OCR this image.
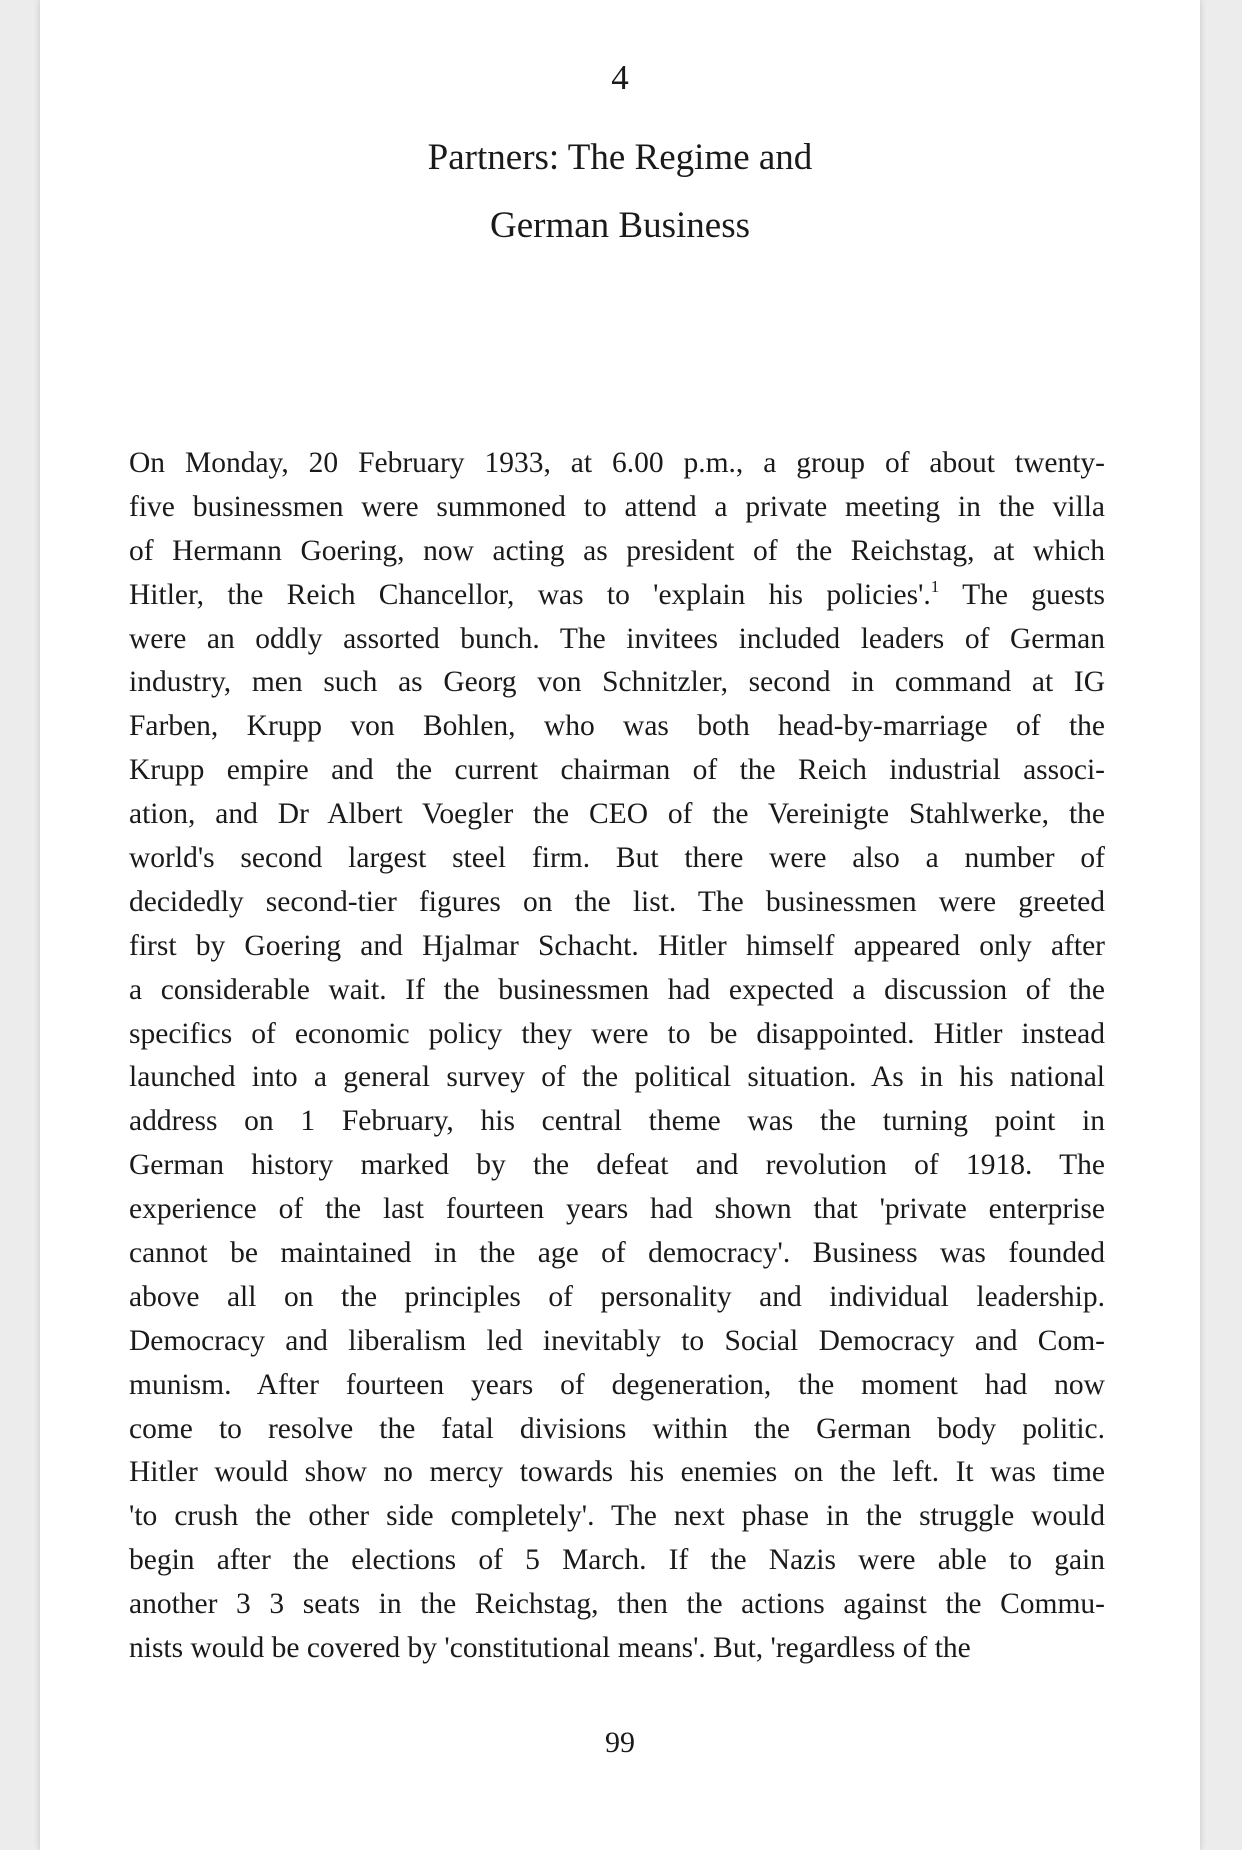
4
Partners: The Regime and
German Business
On Monday, 20 February 1933, at 6.00 p.m., a group of about twenty-
five businessmen were summoned to attend a private meeting in the villa
of Hermann Goering, now acting as president of the Reichstag, at which
Hitler, the Reich Chancellor, was to 'explain his policies'.$^1$ The guests
were an oddly assorted bunch. The invitees included leaders of German
industry, men such as Georg von Schnitzler, second in command at IG
Farben, Krupp von Bohlen, who was both head-by-marriage of the
Krupp empire and the current chairman of the Reich industrial associ-
ation, and Dr Albert Voegler the CEO of the Vereinigte Stahlwerke, the
world's second largest steel firm. But there were also a number of
decidedly second-tier figures on the list. The businessmen were greeted
first by Goering and Hjalmar Schacht. Hitler himself appeared only after
a considerable wait. If the businessmen had expected a discussion of the
specifics of economic policy they were to be disappointed. Hitler instead
launched into a general survey of the political situation. As in his national
address on 1 February, his central theme was the turning point in
German history marked by the defeat and revolution of 1918. The
experience of the last fourteen years had shown that 'private enterprise
cannot be maintained in the age of democracy'. Business was founded
above all on the principles of personality and individual leadership.
Democracy and liberalism led inevitably to Social Democracy and Com-
munism. After fourteen years of degeneration, the moment had now
come to resolve the fatal divisions within the German body politic.
Hitler would show no mercy towards his enemies on the left. It was time
'to crush the other side completely'. The next phase in the struggle would
begin after the elections of 5 March. If the Nazis were able to gain
another 3 3 seats in the Reichstag, then the actions against the Commu-
nists would be covered by 'constitutional means'. But, 'regardless of the
99
